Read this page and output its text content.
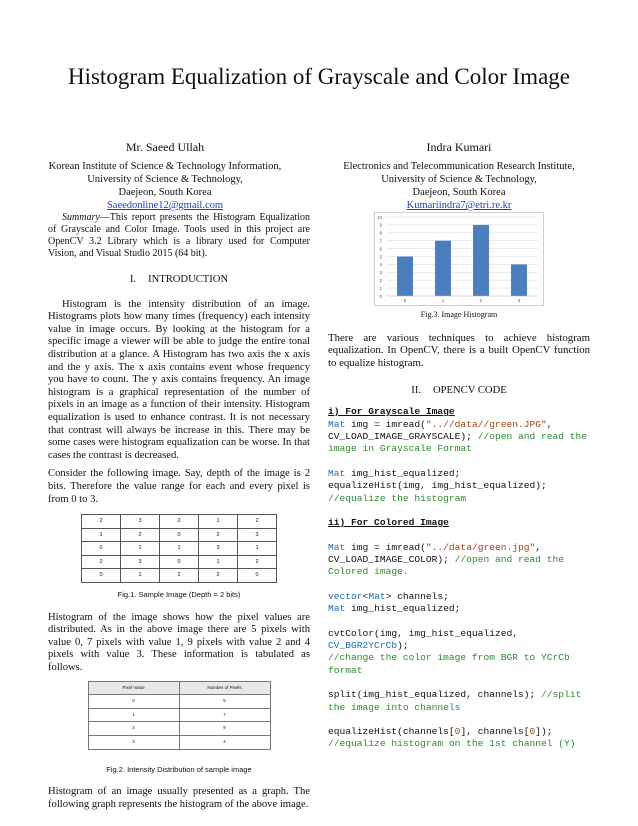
Histogram Equalization of Grayscale and Color Image
Mr. Saeed Ullah
Korean Institute of Science & Technology Information,
University of Science & Technology,
Daejeon, South Korea
Saeedonline12@gmail.com
Indra Kumari
Electronics and Telecommunication Research Institute,
University of Science & Technology,
Daejeon, South Korea
Kumariindra7@etri.re.kr

Summary—This report presents the Histogram Equalization of Grayscale and Color Image. Tools used in this project are OpenCV 3.2 Library which is a library used for Computer Vision, and Visual Studio 2015 (64 bit).

I. INTRODUCTION

Histogram is the intensity distribution of an image. Histograms plots how many times (frequency) each intensity value in image occurs. By looking at the histogram for a specific image a viewer will be able to judge the entire tonal distribution at a glance. A Histogram has two axis the x axis and the y axis. The x axis contains event whose frequency you have to count. The y axis contains frequency. An image histogram is a graphical representation of the number of pixels in an image as a function of their intensity. Histogram equalization is used to enhance contrast. It is not necessary that contrast will always be increase in this. There may be some cases were histogram equalization can be worse. In that cases the contrast is decreased.

Consider the following image. Say, depth of the image is 2 bits. Therefore the value range for each and every pixel is from 0 to 3.

2	3	2	1	2
1	2	0	2	3
0	1	1	3	1
2	3	0	1	2
0	1	2	2	0
Fig.1. Sample Image (Depth = 2 bits)

Histogram of the image shows how the pixel values are distributed. As in the above image there are 5 pixels with value 0, 7 pixels with value 1, 9 pixels with value 2 and 4 pixels with value 3. These information is tabulated as follows.

Pixel Value	Number of Pixels
0	5
1	7
2	9
3	4
Fig.2. Intensity Distribution of sample image

Histogram of an image usually presented as a graph. The following graph represents the histogram of the above image.

0
1
2
3
4
5
6
7
8
9
10
0	1	2	3
Fig.3. Image Histogram

There are various techniques to achieve histogram equalization. In OpenCV, there is a built OpenCV function to equalize histogram.

II. OPENCV CODE
i) For Grayscale Image
Mat img = imread("..//data//green.JPG",
CV_LOAD_IMAGE_GRAYSCALE); //open and read the image in Grayscale Format
Mat img_hist_equalized;
equalizeHist(img, img_hist_equalized);
//equalize the histogram
ii) For Colored Image
Mat img = imread("../data/green.jpg",
CV_LOAD_IMAGE_COLOR); //open and read the Colored image.
vector<Mat> channels;
Mat img_hist_equalized;
cvtColor(img, img_hist_equalized, CV_BGR2YCrCb);
//change the color image from BGR to YCrCb format
split(img_hist_equalized, channels); //split the image into channels
equalizeHist(channels[0], channels[0]);
//equalize histogram on the 1st channel (Y)
